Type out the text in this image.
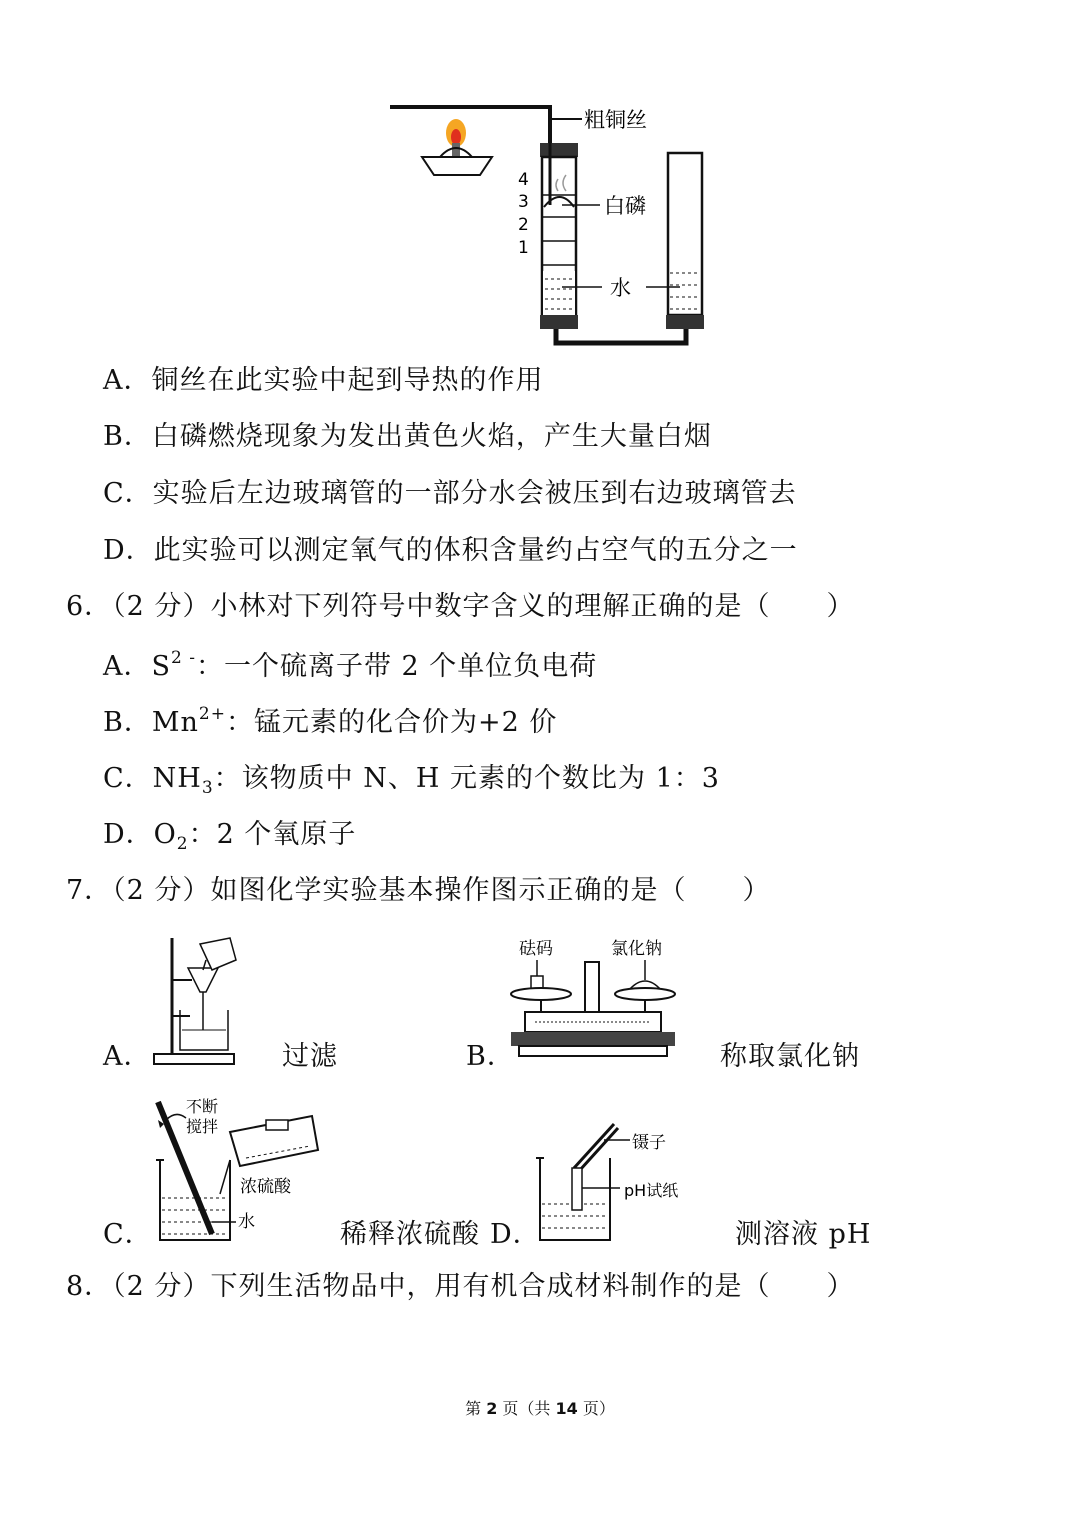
粗铜丝
白磷
水
4
3
2
1
A．铜丝在此实验中起到导热的作用
B．白磷燃烧现象为发出黄色火焰，产生大量白烟
C．实验后左边玻璃管的一部分水会被压到右边玻璃管去
D．此实验可以测定氧气的体积含量约占空气的五分之一
6．（2 分）小林对下列符号中数字含义的理解正确的是（　　）
A．$S^{2 -}$：一个硫离子带 2 个单位负电荷
B．$Mn^{2+}$：锰元素的化合价为+2 价
C．$NH_3$：该物质中 N、H 元素的个数比为 1：3
D．$O_2$：2 个氧原子
7．（2 分）如图化学实验基本操作图示正确的是（　　）
A．	过滤
砝码	氯化钠
B．	称取氯化钠
不断
搅拌
浓硫酸
水
C．	稀释浓硫酸
镊子
pH试纸
D．	测溶液 pH
8．（2 分）下列生活物品中，用有机合成材料制作的是（　　）
第 2 页（共 14 页）
